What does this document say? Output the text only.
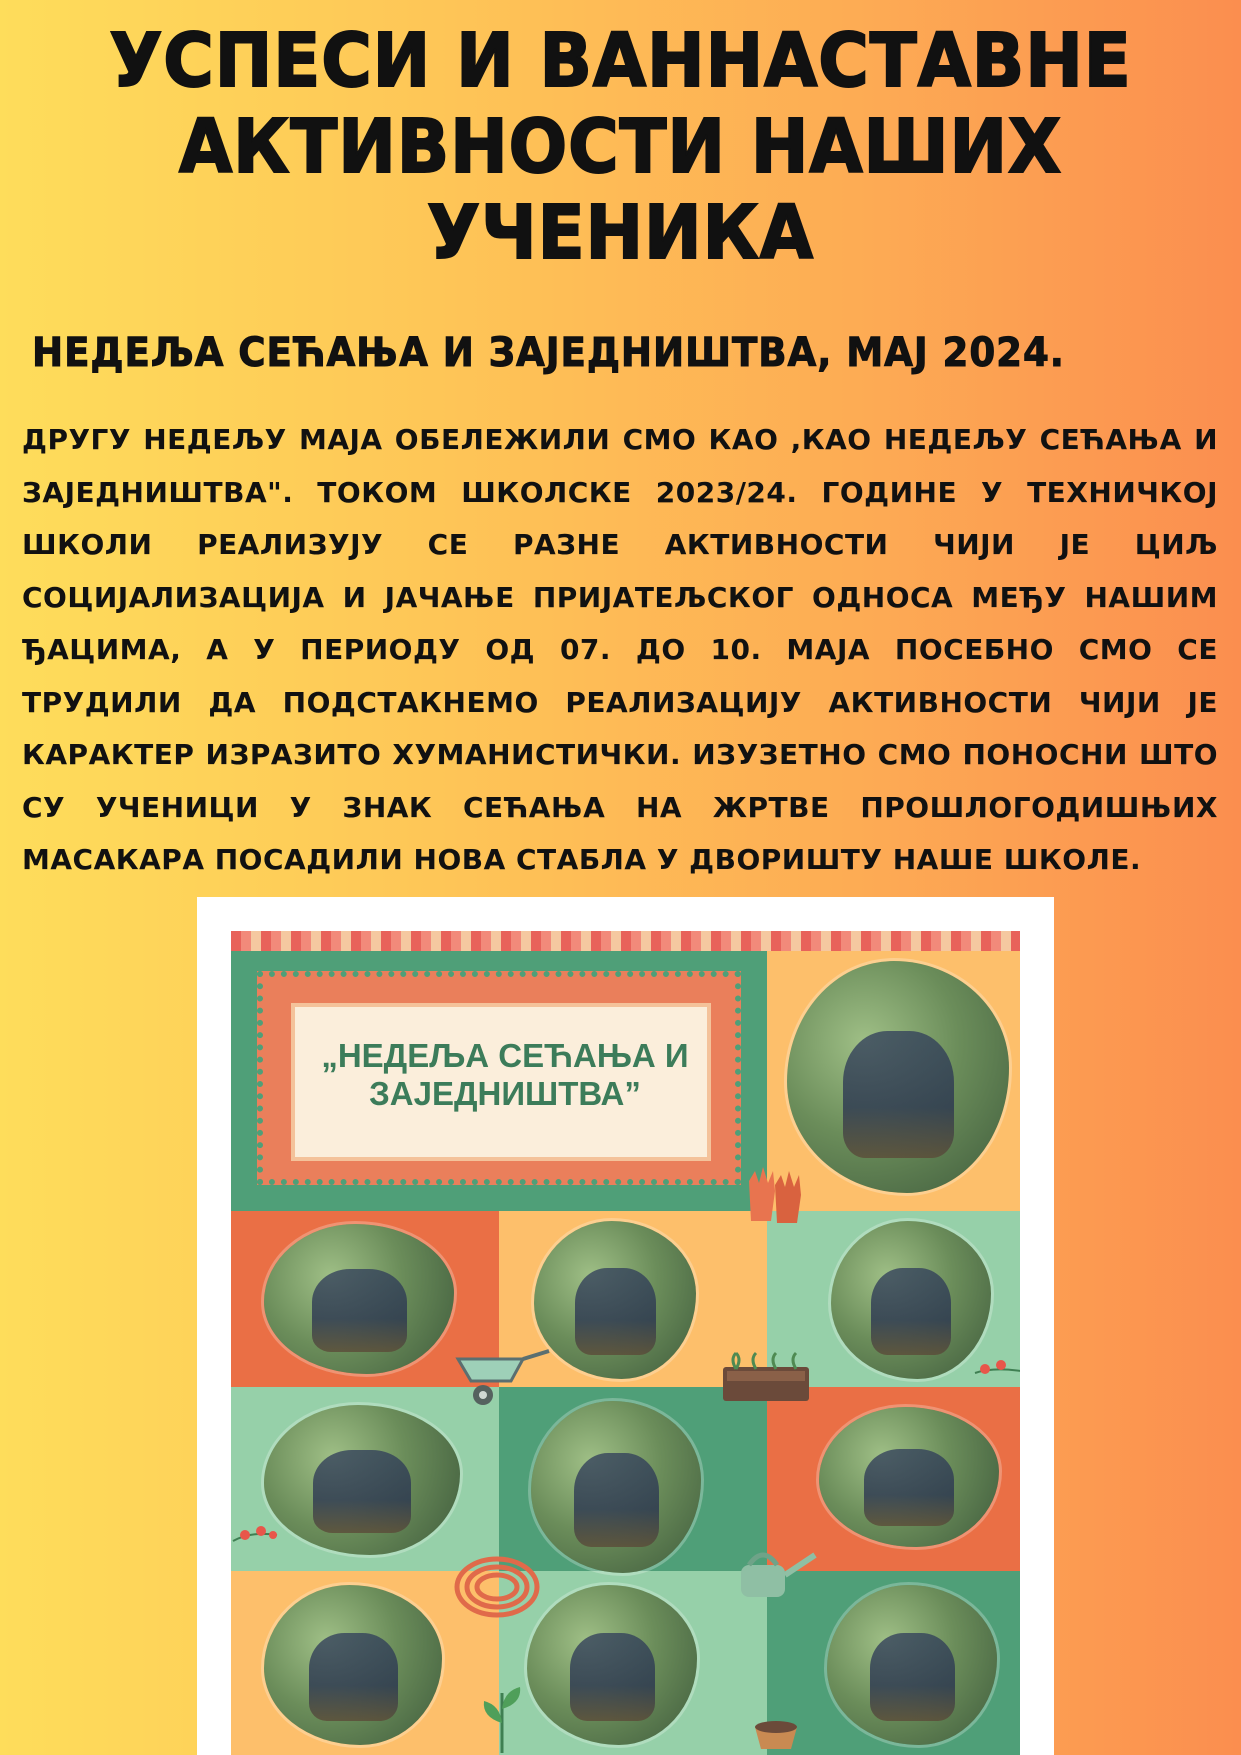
УСПЕСИ И ВАННАСТАВНЕ
АКТИВНОСТИ НАШИХ УЧЕНИКА
НЕДЕЉА СЕЋАЊА И ЗАЈЕДНИШТВА, МАЈ 2024.

ДРУГУ НЕДЕЉУ МАЈА ОБЕЛЕЖИЛИ СМО КАО ,КАО НЕДЕЉУ СЕЋАЊА И ЗАЈЕДНИШТВА". ТОКОМ ШКОЛСКЕ 2023/24. ГОДИНЕ У ТЕХНИЧКОЈ ШКОЛИ РЕАЛИЗУЈУ СЕ РАЗНЕ АКТИВНОСТИ ЧИЈИ ЈЕ ЦИЉ СОЦИЈАЛИЗАЦИЈА И ЈАЧАЊЕ ПРИЈАТЕЉСКОГ ОДНОСА МЕЂУ НАШИМ ЂАЦИМА, А У ПЕРИОДУ ОД 07. ДО 10. МАЈА ПОСЕБНО СМО СЕ ТРУДИЛИ ДА ПОДСТАКНЕМО РЕАЛИЗАЦИЈУ АКТИВНОСТИ ЧИЈИ ЈЕ КАРАКТЕР ИЗРАЗИТО ХУМАНИСТИЧКИ. ИЗУЗЕТНО СМО ПОНОСНИ ШТО СУ УЧЕНИЦИ У ЗНАК СЕЋАЊА НА ЖРТВЕ ПРОШЛОГОДИШЊИХ МАСАКАРА ПОСАДИЛИ НОВА СТАБЛА У ДВОРИШТУ НАШЕ ШКОЛЕ.

„НЕДЕЉА СЕЋАЊА И
ЗАЈЕДНИШТВА”
